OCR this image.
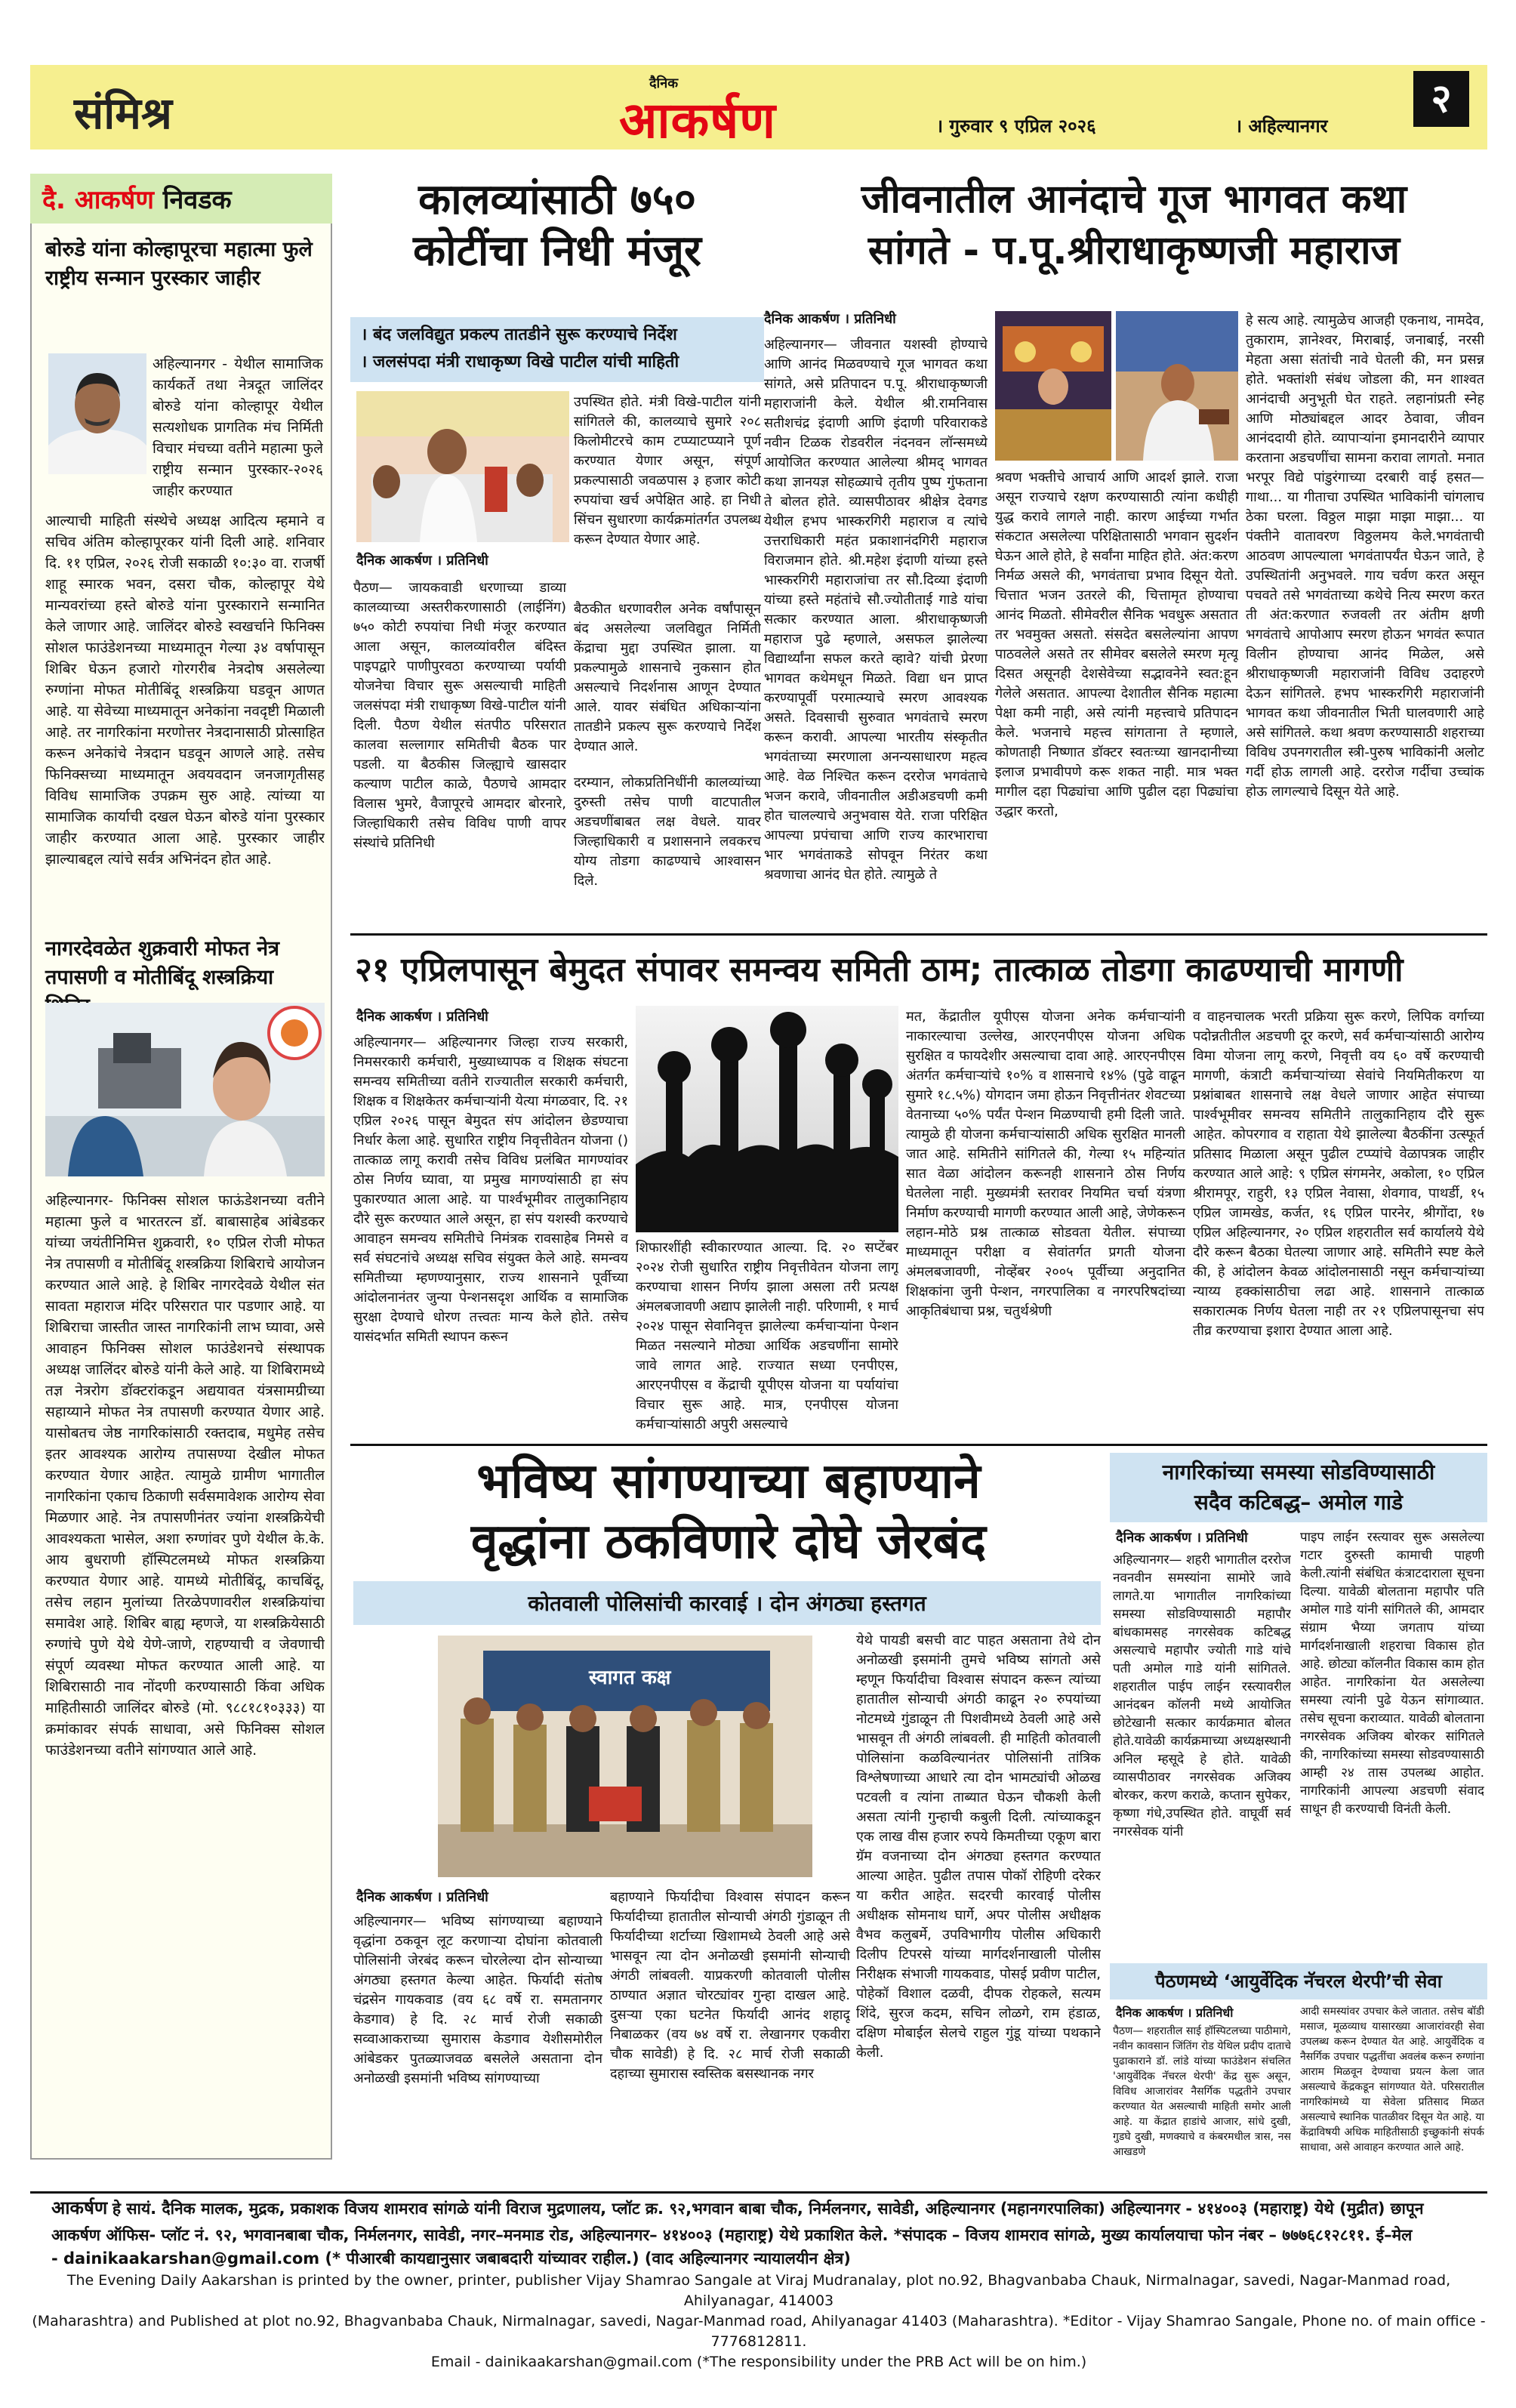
संमिश्र
दैनिक
आकर्षण	। गुरुवार ९ एप्रिल २०२६	। अहिल्यानगर
२
दै. आकर्षण निवडक
बोरुडे यांना कोल्हापूरचा महात्मा फुले राष्ट्रीय सन्मान पुरस्कार जाहीर
अहिल्यानगर - येथील सामाजिक कार्यकर्ते तथा नेत्रदूत जालिंदर बोरुडे यांना कोल्हापूर येथील सत्यशोधक प्रागतिक मंच निर्मिती विचार मंचच्या वतीने महात्मा फुले राष्ट्रीय सन्मान पुरस्कार-२०२६ जाहीर करण्यात
आल्याची माहिती संस्थेचे अध्यक्ष आदित्य म्हमाने व सचिव अंतिम कोल्हापूरकर यांनी दिली आहे. शनिवार दि. ११ एप्रिल, २०२६ रोजी सकाळी १०:३० वा. राजर्षी शाहू स्मारक भवन, दसरा चौक, कोल्हापूर येथे मान्यवरांच्या हस्ते बोरुडे यांना पुरस्काराने सन्मानित केले जाणार आहे. जालिंदर बोरुडे स्वखर्चाने फिनिक्स सोशल फाउंडेशनच्या माध्यमातून गेल्या ३४ वर्षापासून शिबिर घेऊन हजारो गोरगरीब नेत्रदोष असलेल्या रुग्णांना मोफत मोतीबिंदू शस्त्रक्रिया घडवून आणत आहे. या सेवेच्या माध्यमातून अनेकांना नवदृष्टी मिळाली आहे. तर नागरिकांना मरणोत्तर नेत्रदानासाठी प्रोत्साहित करून अनेकांचे नेत्रदान घडवून आणले आहे. तसेच फिनिक्सच्या माध्यमातून अवयवदान जनजागृतीसह विविध सामाजिक उपक्रम सुरु आहे. त्यांच्या या सामाजिक कार्याची दखल घेऊन बोरुडे यांना पुरस्कार जाहीर करण्यात आला आहे. पुरस्कार जाहीर झाल्याबद्दल त्यांचे सर्वत्र अभिनंदन होत आहे.
नागरदेवळेत शुक्रवारी मोफत नेत्र तपासणी व मोतीबिंदू शस्त्रक्रिया
अहिल्यानगर- फिनिक्स सोशल फाऊंडेशनच्या वतीने महात्मा फुले व भारतरत्न डॉ. बाबासाहेब आंबेडकर यांच्या जयंतीनिमित्त शुक्रवारी, १० एप्रिल रोजी मोफत नेत्र तपासणी व मोतीबिंदू शस्त्रक्रिया शिबिराचे आयोजन करण्यात आले आहे. हे शिबिर नागरदेवळे येथील संत सावता महाराज मंदिर परिसरात पार पडणार आहे. या शिबिराचा जास्तीत जास्त नागरिकांनी लाभ घ्यावा, असे आवाहन फिनिक्स सोशल फाउंडेशनचे संस्थापक अध्यक्ष जालिंदर बोरुडे यांनी केले आहे. या शिबिरामध्ये तज्ञ नेत्ररोग डॉक्टरांकडून अद्ययावत यंत्रसामग्रीच्या सहाय्याने मोफत नेत्र तपासणी करण्यात येणार आहे. यासोबतच जेष्ठ नागरिकांसाठी रक्तदाब, मधुमेह तसेच इतर आवश्यक आरोग्य तपासण्या देखील मोफत करण्यात येणार आहेत. त्यामुळे ग्रामीण भागातील नागरिकांना एकाच ठिकाणी सर्वसमावेशक आरोग्य सेवा मिळणार आहे. नेत्र तपासणीनंतर ज्यांना शस्त्रक्रियेची आवश्यकता भासेल, अशा रुग्णांवर पुणे येथील के.के. आय बुधराणी हॉस्पिटलमध्ये मोफत शस्त्रक्रिया करण्यात येणार आहे. यामध्ये मोतीबिंदू, काचबिंदू, तसेच लहान मुलांच्या तिरळेपणावरील शस्त्रक्रियांचा समावेश आहे. शिबिर बाह्य म्हणजे, या शस्त्रक्रियेसाठी रुग्णांचे पुणे येथे येणे-जाणे, राहण्याची व जेवणाची संपूर्ण व्यवस्था मोफत करण्यात आली आहे. या शिबिरासाठी नाव नोंदणी करण्यासाठी किंवा अधिक माहितीसाठी जालिंदर बोरुडे (मो. ९८८१८१०३३३) या क्रमांकावर संपर्क साधावा, असे फिनिक्स सोशल फाउंडेशनच्या वतीने सांगण्यात आले आहे.
कालव्यांसाठी ७५०
कोटींचा निधी मंजूर
। बंद जलविद्युत प्रकल्प तातडीने सुरू करण्याचे निर्देश
। जलसंपदा मंत्री राधाकृष्ण विखे पाटील यांची माहिती
दैनिक आकर्षण । प्रतिनिधी
पैठण— जायकवाडी धरणाच्या डाव्या कालव्याच्या अस्तरीकरणासाठी (लाईनिंग) ७५० कोटी रुपयांचा निधी मंजूर करण्यात आला असून, कालव्यांवरील बंदिस्त पाइपद्वारे पाणीपुरवठा करण्याच्या पर्यायी योजनेचा विचार सुरू असल्याची माहिती जलसंपदा मंत्री राधाकृष्ण विखे-पाटील यांनी दिली. पैठण येथील संतपीठ परिसरात कालवा सल्लागार समितीची बैठक पार पडली. या बैठकीस जिल्ह्याचे खासदार कल्याण पाटील काळे, पैठणचे आमदार विलास भुमरे, वैजापूरचे आमदार बोरनारे, जिल्हाधिकारी तसेच विविध पाणी वापर संस्थांचे प्रतिनिधी
उपस्थित होते. मंत्री विखे-पाटील यांनी सांगितले की, कालव्याचे सुमारे २०८ किलोमीटरचे काम टप्प्याटप्प्याने पूर्ण करण्यात येणार असून, संपूर्ण प्रकल्पासाठी जवळपास ३ हजार कोटी रुपयांचा खर्च अपेक्षित आहे. हा निधी सिंचन सुधारणा कार्यक्रमांतर्गत उपलब्ध करून देण्यात येणार आहे.
बैठकीत धरणावरील अनेक वर्षांपासून बंद असलेल्या जलविद्युत निर्मिती केंद्राचा मुद्दा उपस्थित झाला. या प्रकल्पामुळे शासनाचे नुकसान होत असल्याचे निदर्शनास आणून देण्यात आले. यावर संबंधित अधिकाऱ्यांना तातडीने प्रकल्प सुरू करण्याचे निर्देश देण्यात आले.
दरम्यान, लोकप्रतिनिधींनी कालव्यांच्या दुरुस्ती तसेच पाणी वाटपातील अडचणींबाबत लक्ष वेधले. यावर जिल्हाधिकारी व प्रशासनाने लवकरच योग्य तोडगा काढण्याचे आश्वासन दिले.
जीवनातील आनंदाचे गूज भागवत कथा
सांगते - प.पू.श्रीराधाकृष्णजी महाराज
दैनिक आकर्षण । प्रतिनिधी
अहिल्यानगर— जीवनात यशस्वी होण्याचे आणि आनंद मिळवण्याचे गूज भागवत कथा सांगते, असे प्रतिपादन प.पू. श्रीराधाकृष्णजी महाराजांनी केले. येथील श्री.रामनिवास सतीशचंद्र इंदाणी आणि इंदाणी परिवाराकडे नवीन टिळक रोडवरील नंदनवन लॉन्समध्ये आयोजित करण्यात आलेल्या श्रीमद् भागवत कथा ज्ञानयज्ञ सोहळ्याचे तृतीय पुष्प गुंफताना ते बोलत होते. व्यासपीठावर श्रीक्षेत्र देवगड येथील हभप भास्करगिरी महाराज व त्यांचे उत्तराधिकारी महंत प्रकाशानंदगिरी महाराज विराजमान होते. श्री.महेश इंदाणी यांच्या हस्ते भास्करगिरी महाराजांचा तर सौ.दिव्या इंदाणी यांच्या हस्ते महंतांचे सौ.ज्योतीताई गाडे यांचा सत्कार करण्यात आला. श्रीराधाकृष्णजी महाराज पुढे म्हणाले, असफल झालेल्या विद्यार्थ्यांना सफल करते व्हावे? यांची प्रेरणा भागवत कथेमधून मिळते. विद्या धन प्राप्त करण्यापूर्वी परमात्म्याचे स्मरण आवश्यक असते. दिवसाची सुरुवात भगवंताचे स्मरण करून करावी. आपल्या भारतीय संस्कृतीत भगवंताच्या स्मरणाला अनन्यसाधारण महत्व आहे. वेळ निश्चित करून दररोज भगवंताचे भजन करावे, जीवनातील अडीअडचणी कमी होत चालल्याचे अनुभवास येते. राजा परिक्षित आपल्या प्रपंचाचा आणि राज्य कारभाराचा भार भगवंताकडे सोपवून निरंतर कथा श्रवणाचा आनंद घेत होते. त्यामुळे ते
श्रवण भक्तीचे आचार्य आणि आदर्श झाले. राजा असून राज्याचे रक्षण करण्यासाठी त्यांना कधीही युद्ध करावे लागले नाही. कारण आईच्या गर्भात संकटात असलेल्या परिक्षितासाठी भगवान सुदर्शन घेऊन आले होते, हे सर्वांना माहित होते. अंत:करण निर्मळ असले की, भगवंताचा प्रभाव दिसून येतो. चित्तात भजन उतरले की, चित्तामृत होण्याचा आनंद मिळतो. सीमेवरील सैनिक भवधुरू असतात तर भवमुक्त असतो. संसदेत बसलेल्यांना आपण पाठवलेले असते तर सीमेवर बसलेले स्मरण मृत्यू दिसत असूनही देशसेवेच्या सद्भावनेने स्वत:हून गेलेले असतात. आपल्या देशातील सैनिक महात्मा पेक्षा कमी नाही, असे त्यांनी महत्त्वाचे प्रतिपादन केले. भजनाचे महत्त्व सांगताना ते म्हणाले, कोणताही निष्णात डॉक्टर स्वतःच्या खानदानीच्या इलाज प्रभावीपणे करू शकत नाही. मात्र भक्त मागील दहा पिढ्यांचा आणि पुढील दहा पिढ्यांचा उद्धार करतो,
हे सत्य आहे. त्यामुळेच आजही एकनाथ, नामदेव, तुकाराम, ज्ञानेश्वर, मिराबाई, जनाबाई, नरसी मेहता असा संतांची नावे घेतली की, मन प्रसन्न होते. भक्तांशी संबंध जोडला की, मन शाश्वत आनंदाची अनुभूती घेत राहते. लहानांप्रती स्नेह आणि मोठ्यांबद्दल आदर ठेवावा, जीवन आनंददायी होते. व्यापाऱ्यांना इमानदारीने व्यापार करताना अडचणींचा सामना करावा लागतो. मनात भरपूर विद्ये पांडुरंगाच्या दरबारी वाई हसत—गाथा... या गीताचा उपस्थित भाविकांनी चांगलाच ठेका घरला. विठ्ठल माझा माझा माझा... या पंक्तीने वातावरण विठ्ठलमय केले.भगवंताची आठवण आपल्याला भगवंतापर्यंत घेऊन जाते, हे उपस्थितांनी अनुभवले. गाय चर्वण करत असून पचवते तसे भगवंताच्या कथेचे नित्य स्मरण करत ती अंत:करणात रुजवली तर अंतीम क्षणी भगवंताचे आपोआप स्मरण होऊन भगवंत रूपात विलीन होण्याचा आनंद मिळेल, असे श्रीराधाकृष्णजी महाराजांनी विविध उदाहरणे देऊन सांगितले. हभप भास्करगिरी महाराजांनी भागवत कथा जीवनातील भिती घालवणारी आहे असे सांगितले. कथा श्रवण करण्यासाठी शहराच्या विविध उपनगरातील स्त्री-पुरुष भाविकांनी अलोट गर्दी होऊ लागली आहे. दररोज गर्दीचा उच्चांक होऊ लागल्याचे दिसून येते आहे.
२१ एप्रिलपासून बेमुदत संपावर समन्वय समिती ठाम; तात्काळ तोडगा काढण्याची मागणी
दैनिक आकर्षण । प्रतिनिधी
अहिल्यानगर— अहिल्यानगर जिल्हा राज्य सरकारी, निमसरकारी कर्मचारी, मुख्याध्यापक व शिक्षक संघटना समन्वय समितीच्या वतीने राज्यातील सरकारी कर्मचारी, शिक्षक व शिक्षकेतर कर्मचाऱ्यांनी येत्या मंगळवार, दि. २१ एप्रिल २०२६ पासून बेमुदत संप आंदोलन छेडण्याचा निर्धार केला आहे. सुधारित राष्ट्रीय निवृत्तीवेतन योजना () तात्काळ लागू करावी तसेच विविध प्रलंबित मागण्यांवर ठोस निर्णय घ्यावा, या प्रमुख मागण्यांसाठी हा संप पुकारण्यात आला आहे. या पार्श्वभूमीवर तालुकानिहाय दौरे सुरू करण्यात आले असून, हा संप यशस्वी करण्याचे आवाहन समन्वय समितीचे निमंत्रक रावसाहेब निमसे व सर्व संघटनांचे अध्यक्ष सचिव संयुक्त केले आहे. समन्वय समितीच्या म्हणण्यानुसार, राज्य शासनाने पूर्वीच्या आंदोलनानंतर जुन्या पेन्शनसदृश आर्थिक व सामाजिक सुरक्षा देण्याचे धोरण तत्त्वतः मान्य केले होते. तसेच यासंदर्भात समिती स्थापन करून
शिफारशींही स्वीकारण्यात आल्या. दि. २० सप्टेंबर २०२४ रोजी सुधारित राष्ट्रीय निवृत्तीवेतन योजना लागू करण्याचा शासन निर्णय झाला असला तरी प्रत्यक्ष अंमलबजावणी अद्याप झालेली नाही. परिणामी, १ मार्च २०२४ पासून सेवानिवृत्त झालेल्या कर्मचाऱ्यांना पेन्शन मिळत नसल्याने मोठ्या आर्थिक अडचणींना सामोरे जावे लागत आहे. राज्यात सध्या एनपीएस, आरएनपीएस व केंद्राची यूपीएस योजना या पर्यायांचा विचार सुरू आहे. मात्र, एनपीएस योजना कर्मचाऱ्यांसाठी अपुरी असल्याचे
मत, केंद्रातील यूपीएस योजना अनेक कर्मचाऱ्यांनी नाकारल्याचा उल्लेख, आरएनपीएस योजना अधिक सुरक्षित व फायदेशीर असल्याचा दावा आहे. आरएनपीएस अंतर्गत कर्मचाऱ्यांचे १०% व शासनाचे १४% (पुढे वाढून सुमारे १८.५%) योगदान जमा होऊन निवृत्तीनंतर शेवटच्या वेतनाच्या ५०% पर्यंत पेन्शन मिळण्याची हमी दिली जाते. त्यामुळे ही योजना कर्मचाऱ्यांसाठी अधिक सुरक्षित मानली जात आहे. समितीने सांगितले की, गेल्या १५ महिन्यांत सात वेळा आंदोलन करूनही शासनाने ठोस निर्णय घेतलेला नाही. मुख्यमंत्री स्तरावर नियमित चर्चा यंत्रणा निर्माण करण्याची मागणी करण्यात आली आहे, जेणेकरून लहान-मोठे प्रश्न तात्काळ सोडवता येतील. संपाच्या माध्यमातून परीक्षा व सेवांतर्गत प्रगती योजना अंमलबजावणी, नोव्हेंबर २००५ पूर्वीच्या अनुदानित शिक्षकांना जुनी पेन्शन, नगरपालिका व नगरपरिषदांच्या आकृतिबंधाचा प्रश्न, चतुर्थश्रेणी
व वाहनचालक भरती प्रक्रिया सुरू करणे, लिपिक वर्गाच्या पदोन्नतीतील अडचणी दूर करणे, सर्व कर्मचाऱ्यांसाठी आरोग्य विमा योजना लागू करणे, निवृत्ती वय ६० वर्षे करण्याची मागणी, कंत्राटी कर्मचाऱ्यांच्या सेवांचे नियमितीकरण या प्रश्नांबाबत शासनाचे लक्ष वेधले जाणार आहेत संपाच्या पार्श्वभूमीवर समन्वय समितीने तालुकानिहाय दौरे सुरू आहेत. कोपरगाव व राहाता येथे झालेल्या बैठकींना उत्स्फूर्त प्रतिसाद मिळाला असून पुढील टप्प्यांचे वेळापत्रक जाहीर करण्यात आले आहे: ९ एप्रिल संगमनेर, अकोला, १० एप्रिल श्रीरामपूर, राहुरी, १३ एप्रिल नेवासा, शेवगाव, पाथर्डी, १५ एप्रिल जामखेड, कर्जत, १६ एप्रिल पारनेर, श्रीगोंदा, १७ एप्रिल अहिल्यानगर, २० एप्रिल शहरातील सर्व कार्यालये येथे दौरे करून बैठका घेतल्या जाणार आहे. समितीने स्पष्ट केले की, हे आंदोलन केवळ आंदोलनासाठी नसून कर्मचाऱ्यांच्या न्याय्य हक्कांसाठीचा लढा आहे. शासनाने तात्काळ सकारात्मक निर्णय घेतला नाही तर २१ एप्रिलपासूनचा संप तीव्र करण्याचा इशारा देण्यात आला आहे.
भविष्य सांगण्याच्या बहाण्याने
वृद्धांना ठकविणारे दोघे जेरबंद
कोतवाली पोलिसांची कारवाई । दोन अंगठ्या हस्तगत
स्वागत कक्ष
दैनिक आकर्षण । प्रतिनिधी
अहिल्यानगर— भविष्य सांगण्याच्या बहाण्याने वृद्धांना ठकवून लूट करणाऱ्या दोघांना कोतवाली पोलिसांनी जेरबंद करून चोरलेल्या दोन सोन्याच्या अंगठ्या हस्तगत केल्या आहेत. फिर्यादी संतोष चंद्रसेन गायकवाड (वय ६८ वर्षे रा. समतानगर केडगाव) हे दि. २८ मार्च रोजी सकाळी सव्वाआकराच्या सुमारास केडगाव येशीसमोरील आंबेडकर पुतळ्याजवळ बसलेले असताना दोन अनोळखी इसमांनी भविष्य सांगण्याच्या
बहाण्याने फिर्यादीचा विश्वास संपादन करून फिर्यादीच्या हातातील सोन्याची अंगठी गुंडाळून ती फिर्यादीच्या शर्टाच्या खिशामध्ये ठेवली आहे असे भासवून त्या दोन अनोळखी इसमांनी सोन्याची अंगठी लांबवली. याप्रकरणी कोतवाली पोलीस ठाण्यात अज्ञात चोरट्यांवर गुन्हा दाखल आहे. दुसऱ्या एका घटनेत फिर्यादी आनंद शहादू निबाळकर (वय ७४ वर्षे रा. लेखानगर एकवीरा चौक सावेडी) हे दि. २८ मार्च रोजी सकाळी दहाच्या सुमारास स्वस्तिक बसस्थानक नगर
येथे पायडी बसची वाट पाहत असताना तेथे दोन अनोळखी इसमांनी तुमचे भविष्य सांगतो असे म्हणून फिर्यादीचा विश्वास संपादन करून त्यांच्या हातातील सोन्याची अंगठी काढून २० रुपयांच्या नोटमध्ये गुंडाळून ती पिशवीमध्ये ठेवली आहे असे भासवून ती अंगठी लांबवली. ही माहिती कोतवाली पोलिसांना कळविल्यानंतर पोलिसांनी तांत्रिक विश्लेषणाच्या आधारे त्या दोन भामट्यांची ओळख पटवली व त्यांना ताब्यात घेऊन चौकशी केली असता त्यांनी गुन्हाची कबुली दिली. त्यांच्याकडून एक लाख वीस हजार रुपये किमतीच्या एकूण बारा ग्रॅम वजनाच्या दोन अंगठ्या हस्तगत करण्यात आल्या आहेत. पुढील तपास पोकॉ रोहिणी दरेकर या करीत आहेत. सदरची कारवाई पोलीस अधीक्षक सोमनाथ घार्गे, अपर पोलीस अधीक्षक वैभव कलुबर्मे, उपविभागीय पोलीस अधिकारी दिलीप टिपरसे यांच्या मार्गदर्शनाखाली पोलीस निरीक्षक संभाजी गायकवाड, पोसई प्रवीण पाटील, पोहेकॉ विशाल दळवी, दीपक रोहकले, सत्यम शिंदे, सुरज कदम, सचिन लोळगे, राम हंडाळ, दक्षिण मोबाईल सेलचे राहुल गुंडू यांच्या पथकाने केली.
नागरिकांच्या समस्या सोडविण्यासाठी
सदैव कटिबद्ध– अमोल गाडे
दैनिक आकर्षण । प्रतिनिधी
अहिल्यानगर— शहरी भागातील दररोज नवनवीन समस्यांना सामोरे जावे लागते.या भागातील नागरिकांच्या समस्या सोडविण्यासाठी महापौर बांधकामसह नगरसेवक कटिबद्ध असल्याचे महापौर ज्योती गाडे यांचे पती अमोल गाडे यांनी सांगितले. शहरातील पाईप लाईन रस्त्यावरील आनंदबन कॉलनी मध्ये आयोजित छोटेखानी सत्कार कार्यक्रमात बोलत होते.यावेळी कार्यक्रमाच्या अध्यक्षस्थानी अनिल म्हसूदे हे होते. यावेळी व्यासपीठावर नगरसेवक अजिक्य बोरकर, करण कराळे, कप्तान सुपेकर, कृष्णा गंधे,उपस्थित होते. वाघूर्वी सर्व नगरसेवक यांनी
पाइप लाईन रस्त्यावर सुरू असलेल्या गटार दुरुस्ती कामाची पाहणी केली.त्यांनी संबंधित कंत्राटदाराला सूचना दिल्या. यावेळी बोलताना महापौर पति अमोल गाडे यांनी सांगितले की, आमदार संग्राम भैय्या जगताप यांच्या मार्गदर्शनाखाली शहराचा विकास होत आहे. छोट्या कॉलनीत विकास काम होत आहेत. नागरिकांना येत असलेल्या समस्या त्यांनी पुढे येऊन सांगाव्यात. तसेच सूचना कराव्यात. यावेळी बोलताना नगरसेवक अजिक्य बोरकर सांगितले की, नागरिकांच्या समस्या सोडवण्यासाठी आम्ही २४ तास उपलब्ध आहोत. नागरिकांनी आपल्या अडचणी संवाद साधून ही करण्याची विनंती केली.
पैठणमध्ये ‘आयुर्वेदिक नॅचरल थेरपी’ची सेवा
दैनिक आकर्षण । प्रतिनिधी
पैठण— शहरातील साई हॉस्पिटलच्या पाठीमागे, नवीन कावसान जिंतिंग रोड येथिल प्रदीप दाताचे पुढाकाराने डॉ. लांडे यांच्या फाउंडेशन संचलित 'आयुर्वेदिक नॅचरल थेरपी' केंद्र सुरू असून, विविध आजारांवर नैसर्गिक पद्धतीने उपचार करण्यात येत असल्याची माहिती समोर आली आहे. या केंद्रात हाडांचे आजार, सांधे दुखी, गुडघे दुखी, मणक्याचे व कंबरमधील त्रास, नस आखडणे
आदी समस्यांवर उपचार केले जातात. तसेच बॉडी मसाज, मूळव्याध यासारख्या आजारांवरही सेवा उपलब्ध करून देण्यात येत आहे. आयुर्वेदिक व नैसर्गिक उपचार पद्धतींचा अवलंब करून रुग्णांना आराम मिळवून देण्याचा प्रयत्न केला जात असल्याचे केंद्रकडून सांगण्यात येते. परिसरातील नागरिकांमध्ये या सेवेला प्रतिसाद मिळत असल्याचे स्थानिक पातळीवर दिसून येत आहे. या केंद्राविषयी अधिक माहितीसाठी इच्छुकांनी संपर्क साधावा, असे आवाहन करण्यात आले आहे.
आकर्षण हे सायं. दैनिक मालक, मुद्रक, प्रकाशक विजय शामराव सांगळे यांनी विराज मुद्रणालय, प्लॉट क्र. ९२,भगवान बाबा चौक, निर्मलनगर, सावेडी, अहिल्यानगर (महानगरपालिका) अहिल्यानगर - ४१४००३ (महाराष्ट्र) येथे (मुद्रीत) छापून
आकर्षण ऑफिस- प्लॉट नं. ९२, भगवानबाबा चौक, निर्मलनगर, सावेडी, नगर–मनमाड रोड, अहिल्यानगर– ४१४००३ (महाराष्ट्र) येथे प्रकाशित केले. *संपादक – विजय शामराव सांगळे, मुख्य कार्यालयाचा फोन नंबर – ७७७६८१२८११. ई–मेल
- dainikaakarshan@gmail.com (* पीआरबी कायद्यानुसार जबाबदारी यांच्यावर राहील.) (वाद अहिल्यानगर न्यायालयीन क्षेत्र)
The Evening Daily Aakarshan is printed by the owner, printer, publisher Vijay Shamrao Sangale at Viraj Mudranalay, plot no.92, Bhagvanbaba Chauk, Nirmalnagar, savedi, Nagar-Manmad road, Ahilyanagar, 414003
(Maharashtra) and Published at plot no.92, Bhagvanbaba Chauk, Nirmalnagar, savedi, Nagar-Manmad road, Ahilyanagar 41403 (Maharashtra). *Editor - Vijay Shamrao Sangale, Phone no. of main office - 7776812811.
Email - dainikaakarshan@gmail.com (*The responsibility under the PRB Act will be on him.)
